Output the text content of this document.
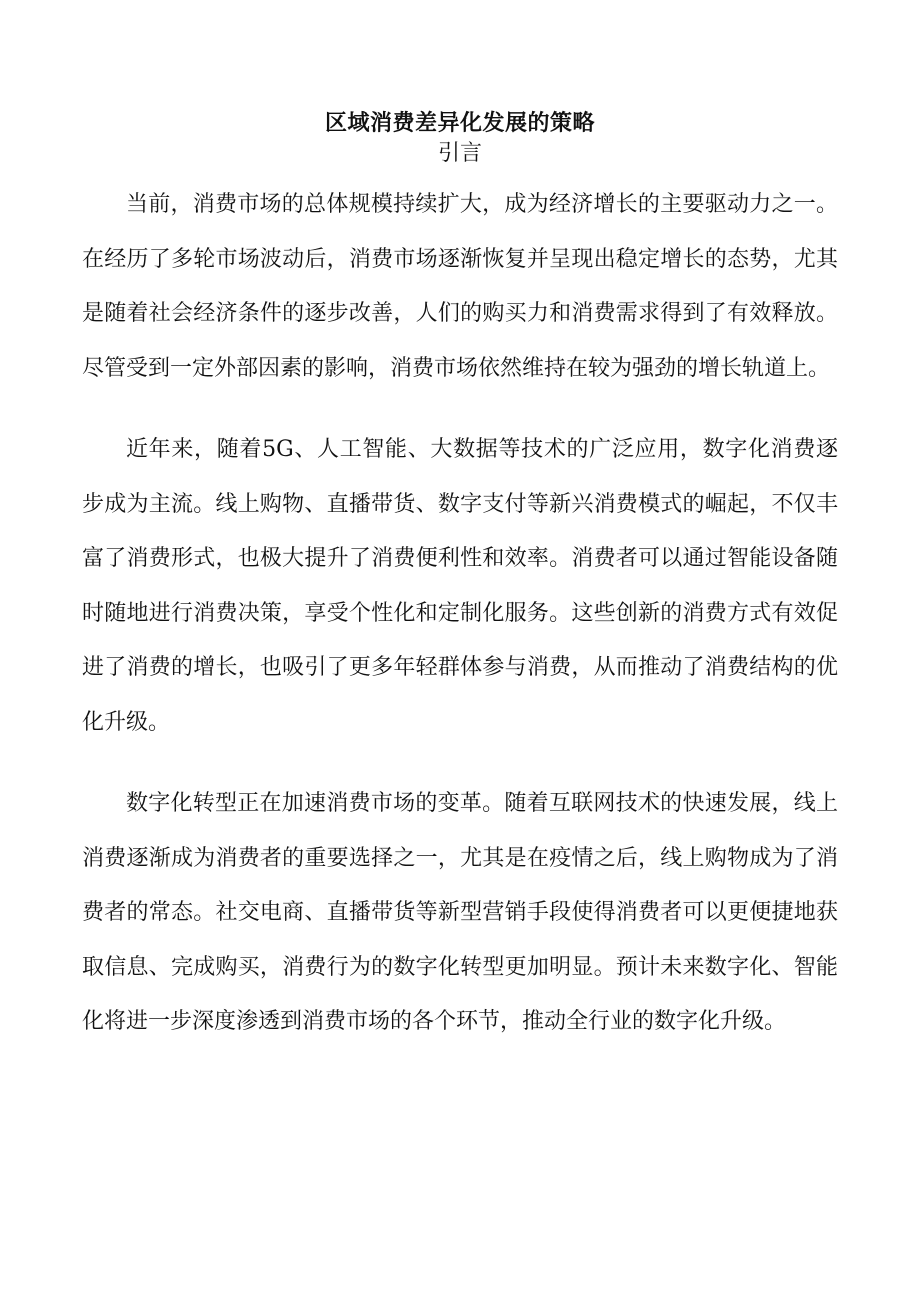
区域消费差异化发展的策略
引言

当前，消费市场的总体规模持续扩大，成为经济增长的主要驱动力之一。在经历了多轮市场波动后，消费市场逐渐恢复并呈现出稳定增长的态势，尤其是随着社会经济条件的逐步改善，人们的购买力和消费需求得到了有效释放。尽管受到一定外部因素的影响，消费市场依然维持在较为强劲的增长轨道上。

近年来，随着5G、人工智能、大数据等技术的广泛应用，数字化消费逐步成为主流。线上购物、直播带货、数字支付等新兴消费模式的崛起，不仅丰富了消费形式，也极大提升了消费便利性和效率。消费者可以通过智能设备随时随地进行消费决策，享受个性化和定制化服务。这些创新的消费方式有效促进了消费的增长，也吸引了更多年轻群体参与消费，从而推动了消费结构的优化升级。

数字化转型正在加速消费市场的变革。随着互联网技术的快速发展，线上消费逐渐成为消费者的重要选择之一，尤其是在疫情之后，线上购物成为了消费者的常态。社交电商、直播带货等新型营销手段使得消费者可以更便捷地获取信息、完成购买，消费行为的数字化转型更加明显。预计未来数字化、智能化将进一步深度渗透到消费市场的各个环节，推动全行业的数字化升级。
